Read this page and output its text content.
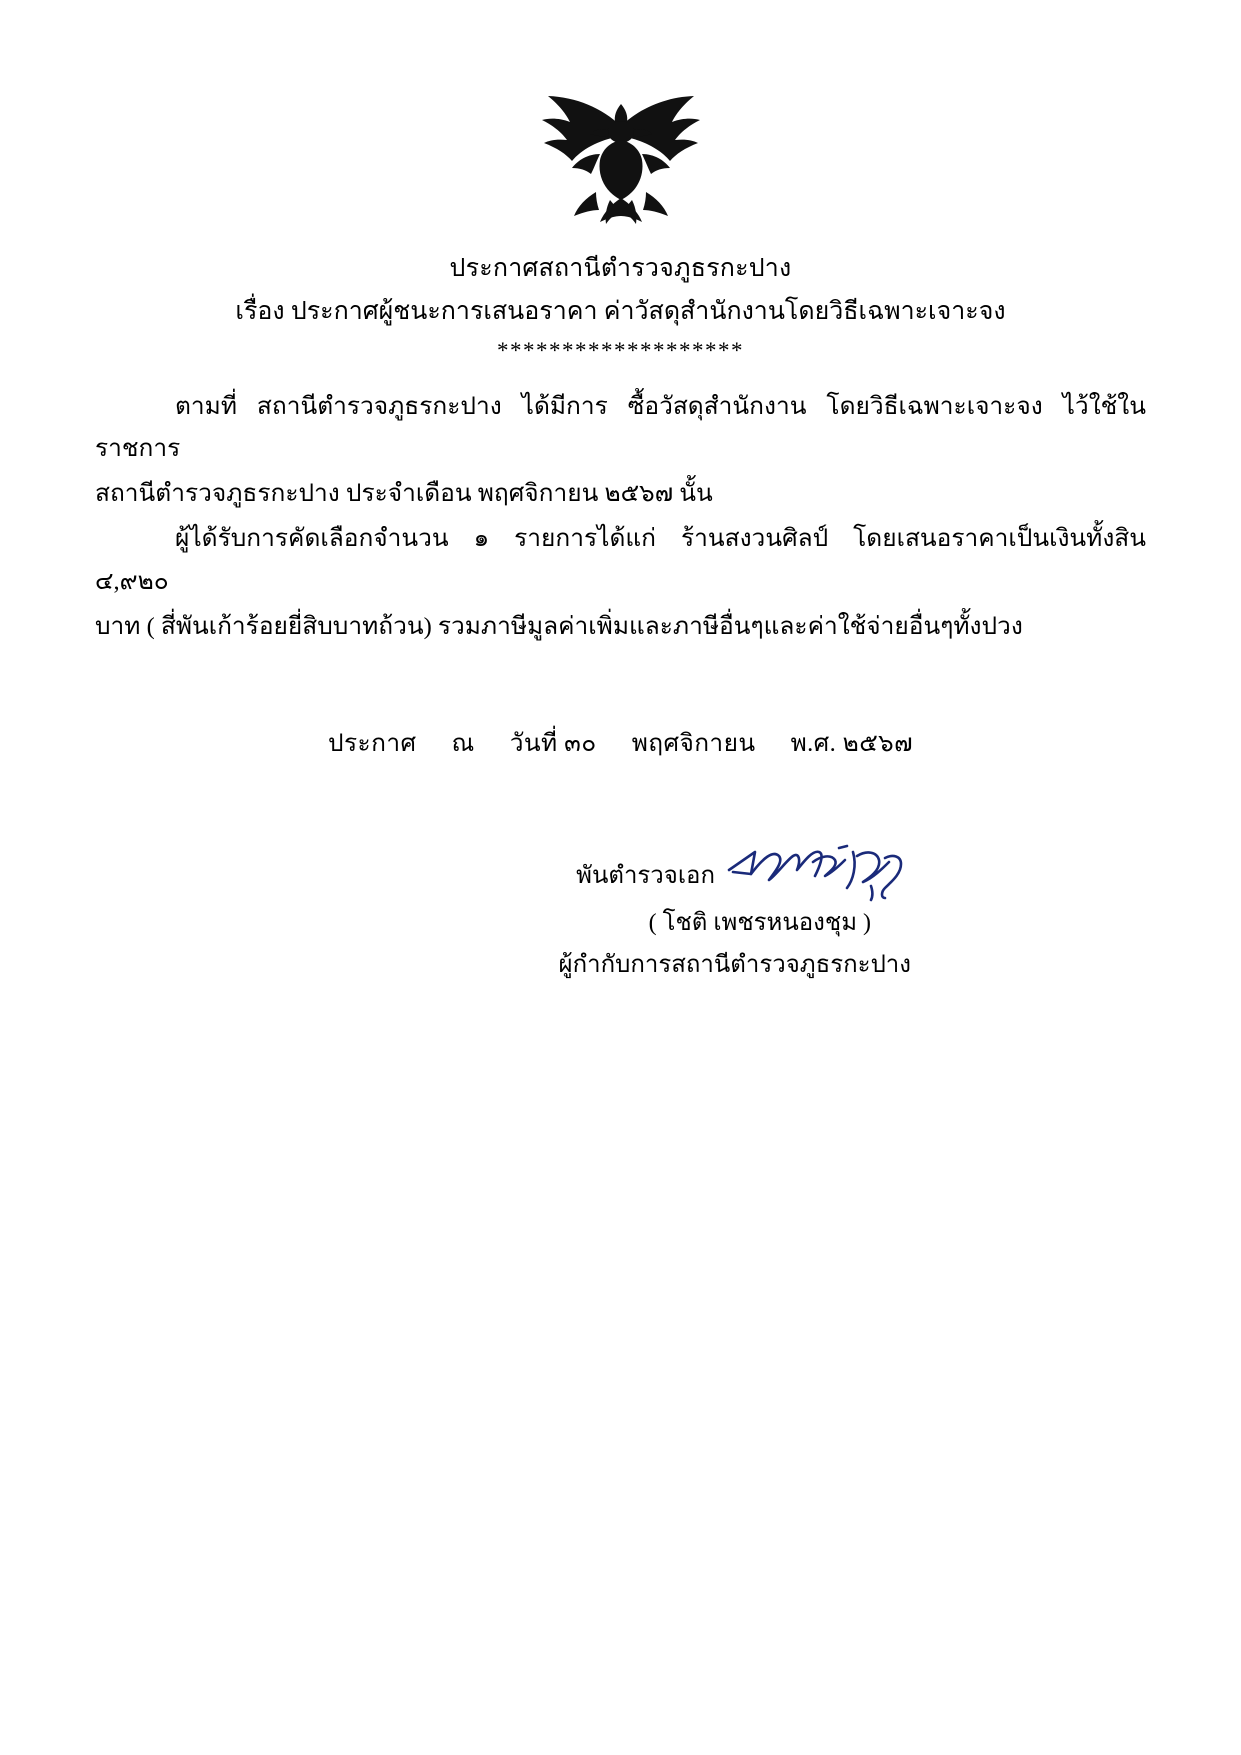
ประกาศสถานีตำรวจภูธรกะปาง
เรื่อง ประกาศผู้ชนะการเสนอราคา ค่าวัสดุสำนักงานโดยวิธีเฉพาะเจาะจง
*******************

ตามที่ สถานีตำรวจภูธรกะปาง ได้มีการ ซื้อวัสดุสำนักงาน โดยวิธีเฉพาะเจาะจง ไว้ใช้ในราชการ

สถานีตำรวจภูธรกะปาง ประจำเดือน พฤศจิกายน ๒๕๖๗ นั้น

ผู้ได้รับการคัดเลือกจำนวน ๑ รายการได้แก่ ร้านสงวนศิลป์ โดยเสนอราคาเป็นเงินทั้งสิน ๔,๙๒๐

บาท ( สี่พันเก้าร้อยยี่สิบบาทถ้วน) รวมภาษีมูลค่าเพิ่มและภาษีอื่นๆและค่าใช้จ่ายอื่นๆทั้งปวง

ประกาศ ณ วันที่ ๓๐ พฤศจิกายน พ.ศ. ๒๕๖๗
พันตำรวจเอก
( โชติ เพชรหนองชุม )
ผู้กำกับการสถานีตำรวจภูธรกะปาง
